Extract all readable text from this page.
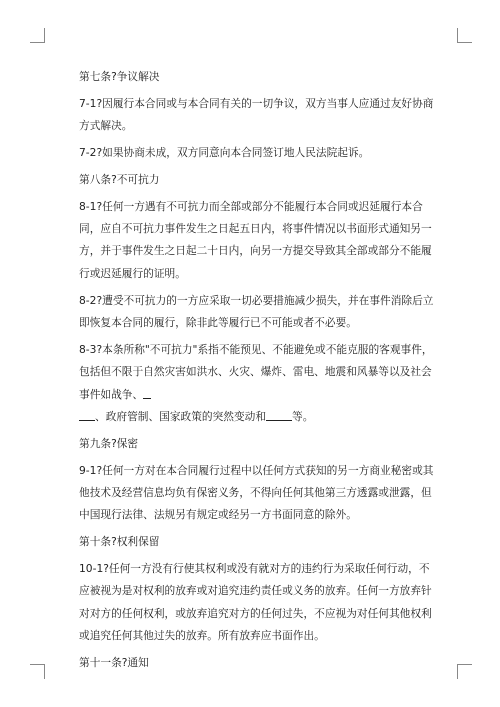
第七条?争议解决

7-1?因履行本合同或与本合同有关的一切争议，双方当事人应通过友好协商方式解决。

7-2?如果协商未成，双方同意向本合同签订地人民法院起诉。

第八条?不可抗力

8-1?任何一方遇有不可抗力而全部或部分不能履行本合同或迟延履行本合同，应自不可抗力事件发生之日起五日内，将事件情况以书面形式通知另一方，并于事件发生之日起二十日内，向另一方提交导致其全部或部分不能履行或迟延履行的证明。

8-2?遭受不可抗力的一方应采取一切必要措施减少损失，并在事件消除后立即恢复本合同的履行，除非此等履行已不可能或者不必要。

8-3?本条所称"不可抗力"系指不能预见、不能避免或不能克服的客观事件，包括但不限于自然灾害如洪水、火灾、爆炸、雷电、地震和风暴等以及社会事件如战争、
、政府管制、国家政策的突然变动和 等。

第九条?保密

9-1?任何一方对在本合同履行过程中以任何方式获知的另一方商业秘密或其他技术及经营信息均负有保密义务，不得向任何其他第三方透露或泄露，但中国现行法律、法规另有规定或经另一方书面同意的除外。

第十条?权利保留

10-1?任何一方没有行使其权利或没有就对方的违约行为采取任何行动，不应被视为是对权利的放弃或对追究违约责任或义务的放弃。任何一方放弃针对对方的任何权利，或放弃追究对方的任何过失，不应视为对任何其他权利或追究任何其他过失的放弃。所有放弃应书面作出。

第十一条?通知
